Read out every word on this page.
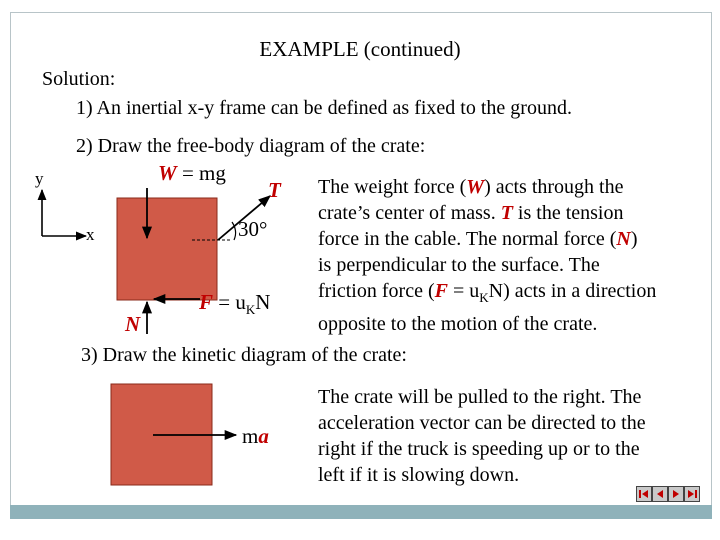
EXAMPLE (continued)
Solution:
1) An inertial x-y frame can be defined as fixed to the ground.
2) Draw the free-body diagram of the crate:
3) Draw the kinetic diagram of the crate:
y
x
W = mg
T
30°
$F = u_KN$
N
The weight force (W) acts through the
crate’s center of mass. T is the tension
force in the cable. The normal force (N)
is perpendicular to the surface. The
friction force $(F = u_KN)$ acts in a direction
opposite to the motion of the crate.
ma
The crate will be pulled to the right. The
acceleration vector can be directed to the
right if the truck is speeding up or to the
left if it is slowing down.
